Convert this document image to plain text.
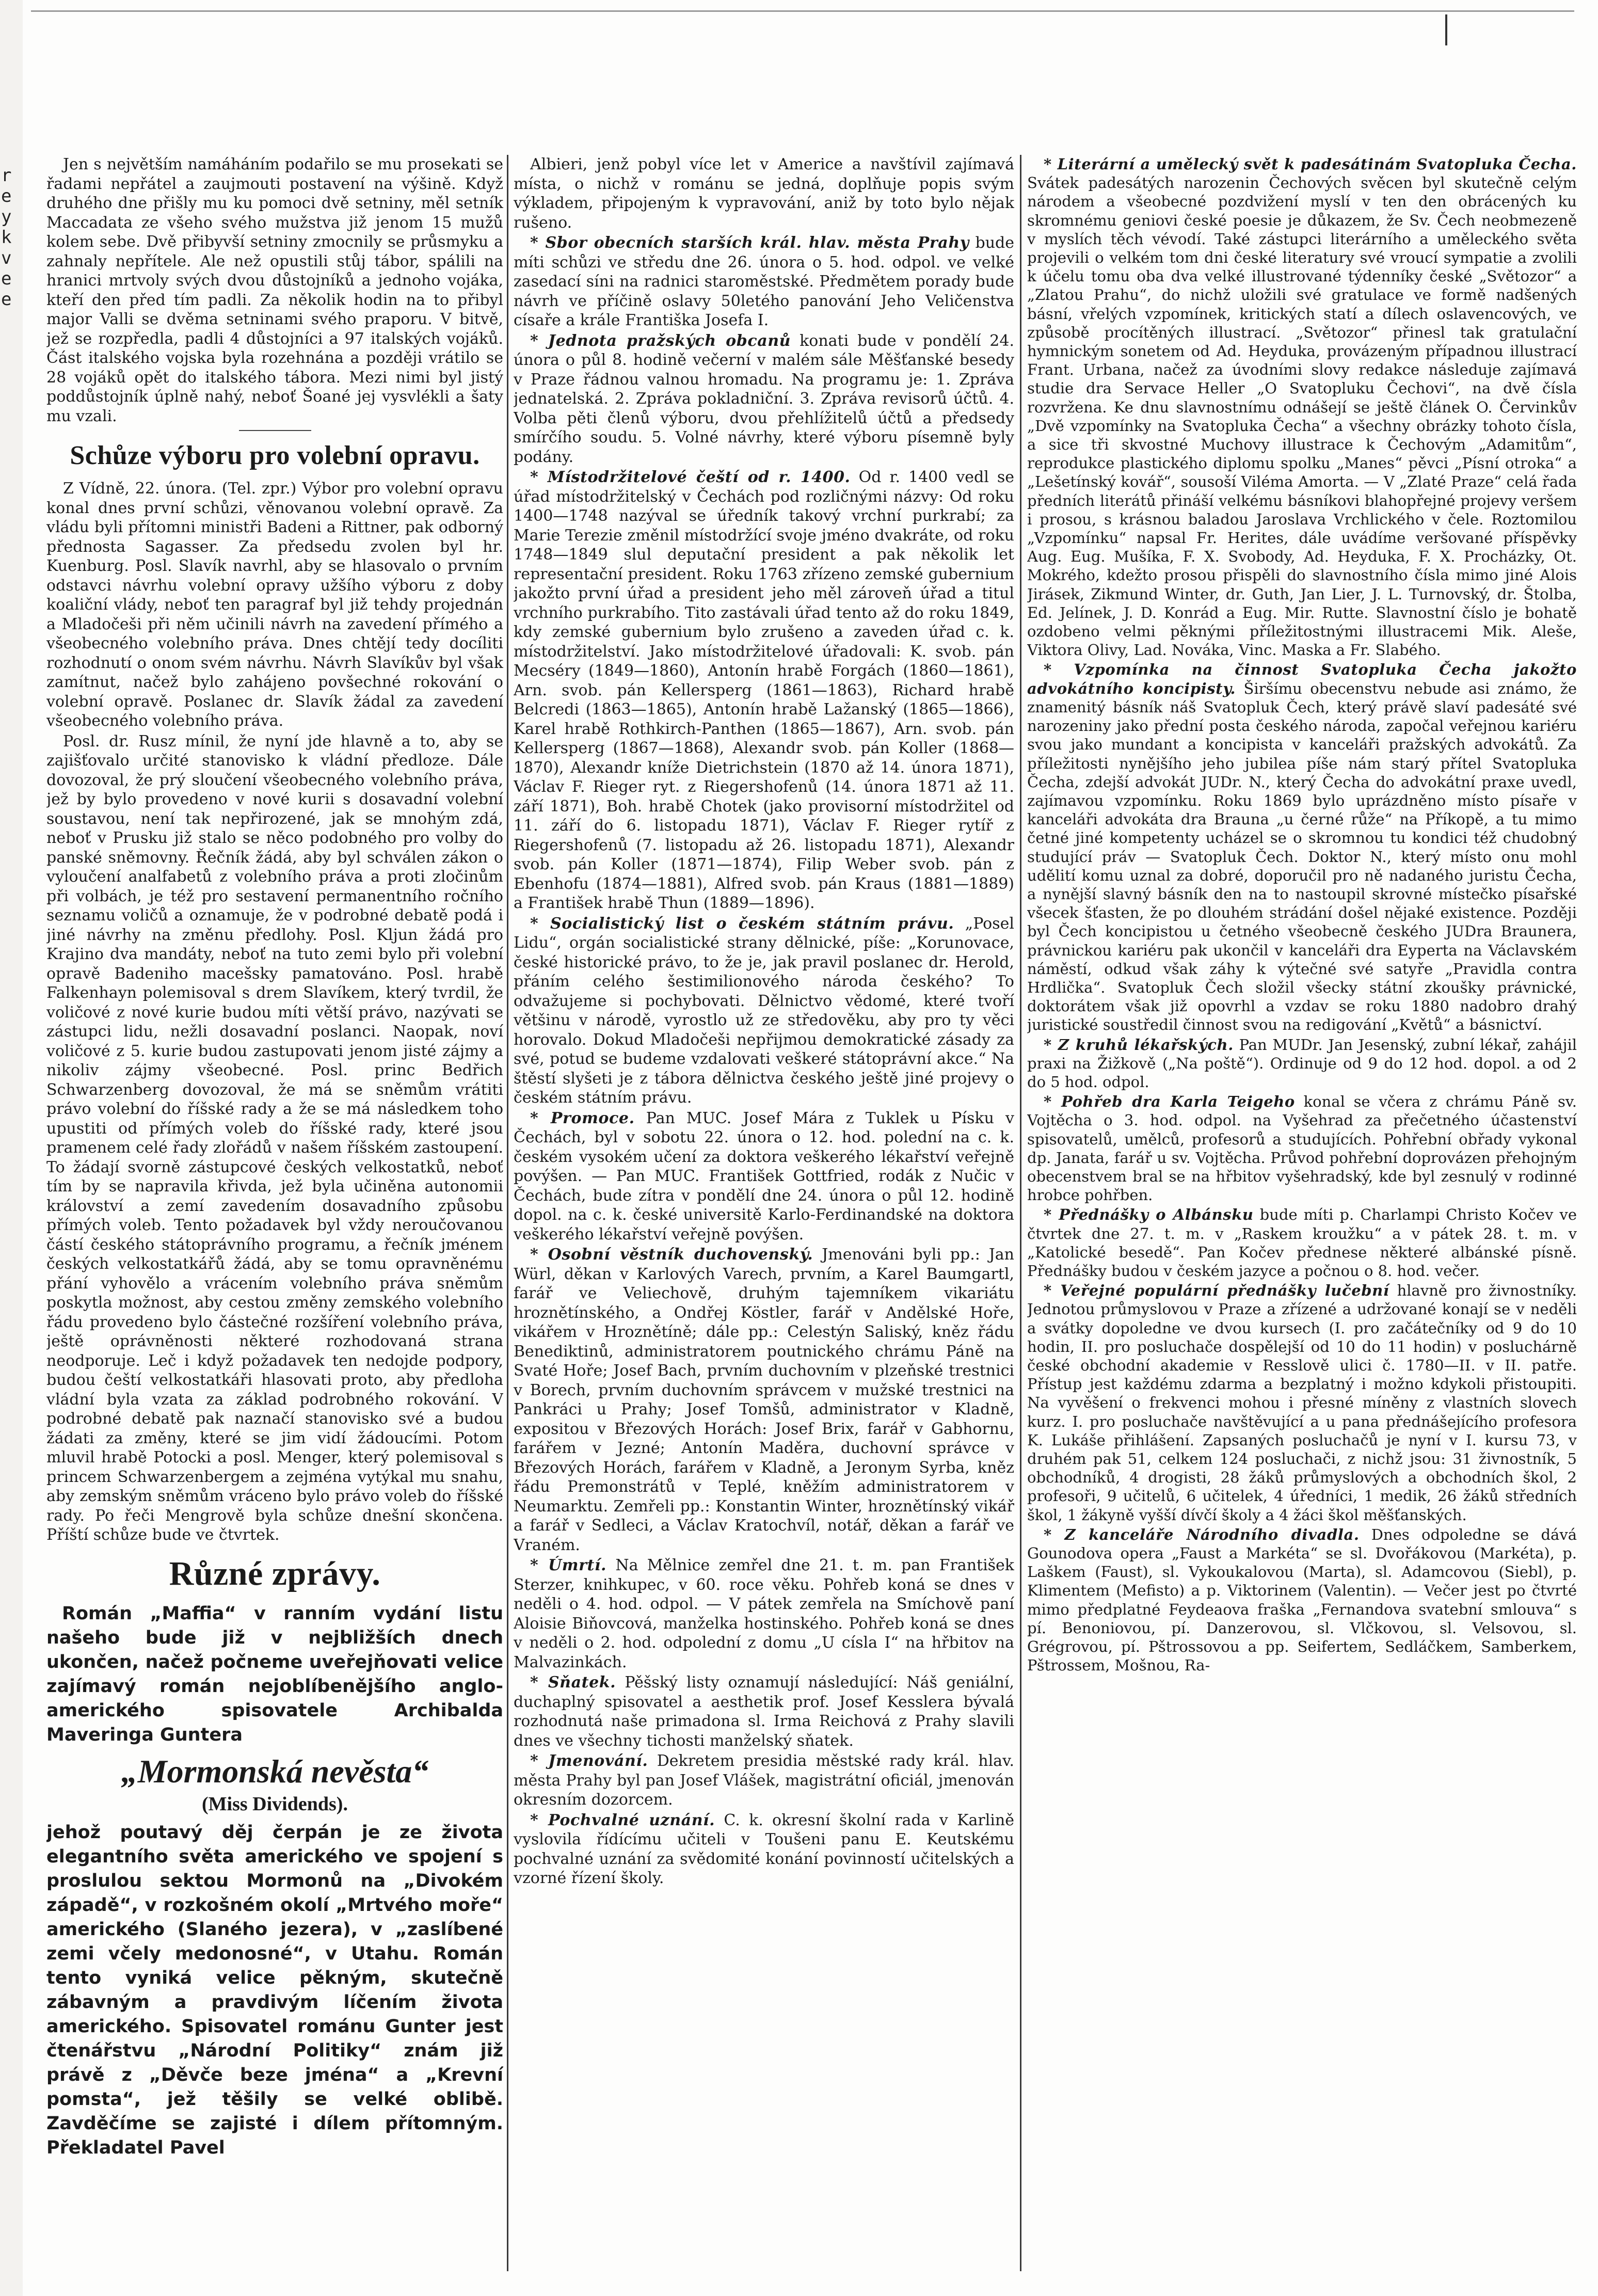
r
e
y
k
v
e
e

Jen s největším namáháním podařilo se mu prosekati se řadami nepřátel a zaujmouti postavení na výšině. Když druhého dne přišly mu ku pomoci dvě setniny, měl setník Maccadata ze všeho svého mužstva již jenom 15 mužů kolem sebe. Dvě přibyvší setniny zmocnily se průsmyku a zahnaly nepřítele. Ale než opustili stůj tábor, spálili na hranici mrtvoly svých dvou důstojníků a jednoho vojáka, kteří den před tím padli. Za několik hodin na to přibyl major Valli se dvěma setninami svého praporu. V bitvě, jež se rozpředla, padli 4 důstojníci a 97 italských vojáků. Část italského vojska byla rozehnána a později vrátilo se 28 vojáků opět do italského tábora. Mezi nimi byl jistý poddůstojník úplně nahý, neboť Šoané jej vysvlékli a šaty mu vzali.

Schůze výboru pro volební opravu.

Z Vídně, 22. února. (Tel. zpr.) Výbor pro volební opravu konal dnes první schůzi, věnovanou volební opravě. Za vládu byli přítomni ministři Badeni a Rittner, pak odborný přednosta Sagasser. Za předsedu zvolen byl hr. Kuenburg. Posl. Slavík navrhl, aby se hlasovalo o prvním odstavci návrhu volební opravy užšího výboru z doby koaliční vlády, neboť ten paragraf byl již tehdy projednán a Mladočeši při něm učinili návrh na zavedení přímého a všeobecného volebního práva. Dnes chtějí tedy docíliti rozhodnutí o onom svém návrhu. Návrh Slavíkův byl však zamítnut, načež bylo zahájeno povšechné rokování o volební opravě. Poslanec dr. Slavík žádal za zavedení všeobecného volebního práva.

Posl. dr. Rusz mínil, že nyní jde hlavně a to, aby se zajišťovalo určité stanovisko k vládní předloze. Dále dovozoval, že prý sloučení všeobecného volebního práva, jež by bylo provedeno v nové kurii s dosavadní volební soustavou, není tak nepřirozené, jak se mnohým zdá, neboť v Prusku již stalo se něco podobného pro volby do panské sněmovny. Řečník žádá, aby byl schválen zákon o vyloučení analfabetů z volebního práva a proti zločinům při volbách, je též pro sestavení permanentního ročního seznamu voličů a oznamuje, že v podrobné debatě podá i jiné návrhy na změnu předlohy. Posl. Kljun žádá pro Krajino dva mandáty, neboť na tuto zemi bylo při volební opravě Badeniho macešsky pamatováno. Posl. hrabě Falkenhayn polemisoval s drem Slavíkem, který tvrdil, že voličové z nové kurie budou míti větší právo, nazývati se zástupci lidu, nežli dosavadní poslanci. Naopak, noví voličové z 5. kurie budou zastupovati jenom jisté zájmy a nikoliv zájmy všeobecné. Posl. princ Bedřich Schwarzenberg dovozoval, že má se sněmům vrátiti právo volební do říšské rady a že se má následkem toho upustiti od přímých voleb do říšské rady, které jsou pramenem celé řady zlořádů v našem říšském zastoupení. To žádají svorně zástupcové českých velkostatků, neboť tím by se napravila křivda, jež byla učiněna autonomii království a zemí zavedením dosavadního způsobu přímých voleb. Tento požadavek byl vždy neroučovanou částí českého státoprávního programu, a řečník jménem českých velkostatkářů žádá, aby se tomu opravněnému přání vyhovělo a vrácením volebního práva sněmům poskytla možnost, aby cestou změny zemského volebního řádu provedeno bylo částečné rozšíření volebního práva, ještě oprávněnosti některé rozhodovaná strana neodporuje. Leč i když požadavek ten nedojde podpory, budou čeští velkostatkáři hlasovati proto, aby předloha vládní byla vzata za základ podrobného rokování. V podrobné debatě pak naznačí stanovisko své a budou žádati za změny, které se jim vidí žádoucími. Potom mluvil hrabě Potocki a posl. Menger, který polemisoval s princem Schwarzenbergem a zejména vytýkal mu snahu, aby zemským sněmům vráceno bylo právo voleb do říšské rady. Po řeči Mengrově byla schůze dnešní skončena. Příští schůze bude ve čtvrtek.

Různé zprávy.

Román „Maffia“ v ranním vydání listu našeho bude již v nejbližších dnech ukončen, načež počneme uveřejňovati velice zajímavý román nejoblíbenějšího anglo-amerického spisovatele Archibalda Maveringa Guntera

„Mormonská nevěsta“
(Miss Dividends).

jehož poutavý děj čerpán je ze života elegantního světa amerického ve spojení s proslulou sektou Mormonů na „Divokém západě“, v rozkošném okolí „Mrtvého moře“ amerického (Slaného jezera), v „zaslíbené zemi včely medonosné“, v Utahu. Román tento vyniká velice pěkným, skutečně zábavným a pravdivým líčením života amerického. Spisovatel románu Gunter jest čtenářstvu „Národní Politiky“ znám již právě z „Děvče beze jména“ a „Krevní pomsta“, jež těšily se velké oblibě. Zavděčíme se zajisté i dílem přítomným. Překladatel Pavel

Albieri, jenž pobyl více let v Americe a navštívil zajímavá místa, o nichž v románu se jedná, doplňuje popis svým výkladem, připojeným k vypravování, aniž by toto bylo nějak rušeno.

* Sbor obecních starších král. hlav. města Prahy bude míti schůzi ve středu dne 26. února o 5. hod. odpol. ve velké zasedací síni na radnici staroměstské. Předmětem porady bude návrh ve příčině oslavy 50letého panování Jeho Veličenstva císaře a krále Františka Josefa I.

* Jednota pražských obcanů konati bude v pondělí 24. února o půl 8. hodině večerní v malém sále Měšťanské besedy v Praze řádnou valnou hromadu. Na programu je: 1. Zpráva jednatelská. 2. Zpráva pokladniční. 3. Zpráva revisorů účtů. 4. Volba pěti členů výboru, dvou přehlížitelů účtů a předsedy smírčího soudu. 5. Volné návrhy, které výboru písemně byly podány.

* Místodržitelové čeští od r. 1400. Od r. 1400 vedl se úřad místodržitelský v Čechách pod rozličnými názvy: Od roku 1400—1748 nazýval se úředník takový vrchní purkrabí; za Marie Terezie změnil místodržící svoje jméno dvakráte, od roku 1748—1849 slul deputační president a pak několik let representační president. Roku 1763 zřízeno zemské gubernium jakožto první úřad a president jeho měl zároveň úřad a titul vrchního purkrabího. Tito zastávali úřad tento až do roku 1849, kdy zemské gubernium bylo zrušeno a zaveden úřad c. k. místodržitelství. Jako místodržitelové úřadovali: K. svob. pán Mecséry (1849—1860), Antonín hrabě Forgách (1860—1861), Arn. svob. pán Kellersperg (1861—1863), Richard hrabě Belcredi (1863—1865), Antonín hrabě Lažanský (1865—1866), Karel hrabě Rothkirch-Panthen (1865—1867), Arn. svob. pán Kellersperg (1867—1868), Alexandr svob. pán Koller (1868—1870), Alexandr kníže Dietrichstein (1870 až 14. února 1871), Václav F. Rieger ryt. z Riegershofenů (14. února 1871 až 11. září 1871), Boh. hrabě Chotek (jako provisorní místodržitel od 11. září do 6. listopadu 1871), Václav F. Rieger rytíř z Riegershofenů (7. listopadu až 26. listopadu 1871), Alexandr svob. pán Koller (1871—1874), Filip Weber svob. pán z Ebenhofu (1874—1881), Alfred svob. pán Kraus (1881—1889) a František hrabě Thun (1889—1896).

* Socialistický list o českém státním právu. „Posel Lidu“, orgán socialistické strany dělnické, píše: „Korunovace, české historické právo, to že je, jak pravil poslanec dr. Herold, přáním celého šestimilionového národa českého? To odvažujeme si pochybovati. Dělnictvo vědomé, které tvoří většinu v národě, vyrostlo už ze středověku, aby pro ty věci horovalo. Dokud Mladočeši nepřijmou demokratické zásady za své, potud se budeme vzdalovati veškeré státoprávní akce.“ Na štěstí slyšeti je z tábora dělnictva českého ještě jiné projevy o českém státním právu.

* Promoce. Pan MUC. Josef Mára z Tuklek u Písku v Čechách, byl v sobotu 22. února o 12. hod. polední na c. k. českém vysokém učení za doktora veškerého lékařství veřejně povýšen. — Pan MUC. František Gottfried, rodák z Nučic v Čechách, bude zítra v pondělí dne 24. února o půl 12. hodině dopol. na c. k. české universitě Karlo-Ferdinandské na doktora veškerého lékařství veřejně povýšen.

* Osobní věstník duchovenský. Jmenováni byli pp.: Jan Würl, děkan v Karlových Varech, prvním, a Karel Baumgartl, farář ve Veliechově, druhým tajemníkem vikariátu hroznětínského, a Ondřej Köstler, farář v Andělské Hoře, vikářem v Hroznětíně; dále pp.: Celestýn Saliský, kněz řádu Benediktinů, administratorem poutnického chrámu Páně na Svaté Hoře; Josef Bach, prvním duchovním v plzeňské trestnici v Borech, prvním duchovním správcem v mužské trestnici na Pankráci u Prahy; Josef Tomšů, administrator v Kladně, expositou v Březových Horách: Josef Brix, farář v Gabhornu, farářem v Jezné; Antonín Maděra, duchovní správce v Březových Horách, farářem v Kladně, a Jeronym Syrba, kněz řádu Premonstrátů v Teplé, kněžím administratorem v Neumarktu. Zemřeli pp.: Konstantin Winter, hroznětínský vikář a farář v Sedleci, a Václav Kratochvíl, notář, děkan a farář ve Vraném.

* Úmrtí. Na Mělnice zemřel dne 21. t. m. pan František Sterzer, knihkupec, v 60. roce věku. Pohřeb koná se dnes v neděli o 4. hod. odpol. — V pátek zemřela na Smíchově paní Aloisie Biňovcová, manželka hostinského. Pohřeb koná se dnes v neděli o 2. hod. odpolední z domu „U císla I“ na hřbitov na Malvazinkách.

* Sňatek. Pěšský listy oznamují následující: Náš geniální, duchaplný spisovatel a aesthetik prof. Josef Kesslera bývalá rozhodnutá naše primadona sl. Irma Reichová z Prahy slavili dnes ve všechny tichosti manželský sňatek.

* Jmenování. Dekretem presidia městské rady král. hlav. města Prahy byl pan Josef Vlášek, magistrátní oficiál, jmenován okresním dozorcem.

* Pochvalné uznání. C. k. okresní školní rada v Karlině vyslovila řídícímu učiteli v Toušeni panu E. Keutskému pochvalné uznání za svědomité konání povinností učitelských a vzorné řízení školy.

* Literární a umělecký svět k padesátinám Svatopluka Čecha. Svátek padesátých narozenin Čechových svěcen byl skutečně celým národem a všeobecné pozdvižení myslí v ten den obrácených ku skromnému geniovi české poesie je důkazem, že Sv. Čech neobmezeně v myslích těch vévodí. Také zástupci literárního a uměleckého světa projevili o velkém tom dni české literatury své vroucí sympatie a zvolili k účelu tomu oba dva velké illustrované týdenníky české „Světozor“ a „Zlatou Prahu“, do nichž uložili své gratulace ve formě nadšených básní, vřelých vzpomínek, kritických statí a dílech oslavencových, ve způsobě procítěných illustrací. „Světozor“ přinesl tak gratulační hymnickým sonetem od Ad. Heyduka, provázeným případnou illustrací Frant. Urbana, načež za úvodními slovy redakce následuje zajímavá studie dra Servace Heller „O Svatopluku Čechovi“, na dvě čísla rozvržena. Ke dnu slavnostnímu odnášejí se ještě článek O. Červinkův „Dvě vzpomínky na Svatopluka Čecha“ a všechny obrázky tohoto čísla, a sice tři skvostné Muchovy illustrace k Čechovým „Adamitům“, reprodukce plastického diplomu spolku „Manes“ pěvci „Písní otroka“ a „Lešetínský kovář“, sousoší Viléma Amorta. — V „Zlaté Praze“ celá řada předních literátů přináší velkému básníkovi blahopřejné projevy veršem i prosou, s krásnou baladou Jaroslava Vrchlického v čele. Roztomilou „Vzpomínku“ napsal Fr. Herites, dále uvádíme veršované příspěvky Aug. Eug. Mušíka, F. X. Svobody, Ad. Heyduka, F. X. Procházky, Ot. Mokrého, kdežto prosou přispěli do slavnostního čísla mimo jiné Alois Jirásek, Zikmund Winter, dr. Guth, Jan Lier, J. L. Turnovský, dr. Štolba, Ed. Jelínek, J. D. Konrád a Eug. Mir. Rutte. Slavnostní číslo je bohatě ozdobeno velmi pěknými příležitostnými illustracemi Mik. Aleše, Viktora Olivy, Lad. Nováka, Vinc. Maska a Fr. Slabého.

* Vzpomínka na činnost Svatopluka Čecha jakožto advokátního koncipisty. Širšímu obecenstvu nebude asi známo, že znamenitý básník náš Svatopluk Čech, který právě slaví padesáté své narozeniny jako přední posta českého národa, započal veřejnou kariéru svou jako mundant a koncipista v kanceláři pražských advokátů. Za příležitosti nynějšího jeho jubilea píše nám starý přítel Svatopluka Čecha, zdejší advokát JUDr. N., který Čecha do advokátní praxe uvedl, zajímavou vzpomínku. Roku 1869 bylo uprázdněno místo písaře v kanceláři advokáta dra Brauna „u černé růže“ na Příkopě, a tu mimo četné jiné kompetenty ucházel se o skromnou tu kondici též chudobný studující práv — Svatopluk Čech. Doktor N., který místo onu mohl udělití komu uznal za dobré, doporučil pro ně nadaného juristu Čecha, a nynější slavný básník den na to nastoupil skrovné místečko písařské všecek šťasten, že po dlouhém strádání došel nějaké existence. Později byl Čech koncipistou u četného všeobecně českého JUDra Braunera, právnickou kariéru pak ukončil v kanceláři dra Eyperta na Václavském náměstí, odkud však záhy k výtečné své satyře „Pravidla contra Hrdlička“. Svatopluk Čech složil všecky státní zkoušky právnické, doktorátem však již opovrhl a vzdav se roku 1880 nadobro drahý juristické soustředil činnost svou na redigování „Květů“ a básnictví.

* Z kruhů lékařských. Pan MUDr. Jan Jesenský, zubní lékař, zahájil praxi na Žižkově („Na poště“). Ordinuje od 9 do 12 hod. dopol. a od 2 do 5 hod. odpol.

* Pohřeb dra Karla Teigeho konal se včera z chrámu Páně sv. Vojtěcha o 3. hod. odpol. na Vyšehrad za přečetného účastenství spisovatelů, umělců, profesorů a studujících. Pohřební obřady vykonal dp. Janata, farář u sv. Vojtěcha. Průvod pohřební doprovázen přehojným obecenstvem bral se na hřbitov vyšehradský, kde byl zesnulý v rodinné hrobce pohřben.

* Přednášky o Albánsku bude míti p. Charlampi Christo Kočev ve čtvrtek dne 27. t. m. v „Raskem kroužku“ a v pátek 28. t. m. v „Katolické besedě“. Pan Kočev přednese některé albánské písně. Přednášky budou v českém jazyce a počnou o 8. hod. večer.

* Veřejné populární přednášky lučební hlavně pro živnostníky. Jednotou průmyslovou v Praze a zřízené a udržované konají se v neděli a svátky dopoledne ve dvou kursech (I. pro začátečníky od 9 do 10 hodin, II. pro posluchače dospělejší od 10 do 11 hodin) v posluchárně české obchodní akademie v Resslově ulici č. 1780—II. v II. patře. Přístup jest každému zdarma a bezplatný i možno kdykoli přistoupiti. Na vyvěšení o frekvenci mohou i přesné míněny z vlastních slovech kurz. I. pro posluchače navštěvující a u pana přednášejícího profesora K. Lukáše přihlášení. Zapsaných posluchačů je nyní v I. kursu 73, v druhém pak 51, celkem 124 posluchači, z nichž jsou: 31 živnostník, 5 obchodníků, 4 drogisti, 28 žáků průmyslových a obchodních škol, 2 profesoři, 9 učitelů, 6 učitelek, 4 úředníci, 1 medik, 26 žáků středních škol, 1 žákyně vyšší dívčí školy a 4 žáci škol měšťanských.

* Z kanceláře Národního divadla. Dnes odpoledne se dává Gounodova opera „Faust a Markéta“ se sl. Dvořákovou (Markéta), p. Laškem (Faust), sl. Vykoukalovou (Marta), sl. Adamcovou (Siebl), p. Klimentem (Mefisto) a p. Viktorinem (Valentin). — Večer jest po čtvrté mimo předplatné Feydeaova fraška „Fernandova svatební smlouva“ s pí. Benoniovou, pí. Danzerovou, sl. Vlčkovou, sl. Velsovou, sl. Grégrovou, pí. Pštrossovou a pp. Seifertem, Sedláčkem, Samberkem, Pštrossem, Mošnou, Ra-
